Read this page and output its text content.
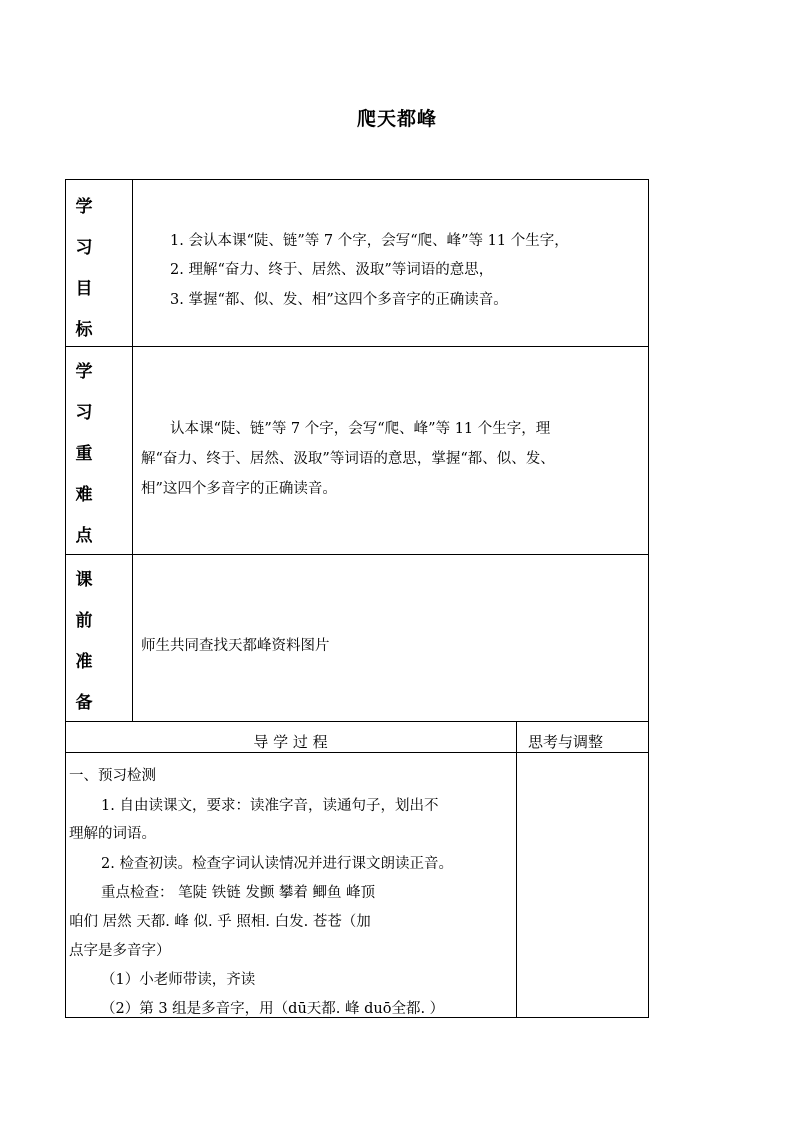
爬天都峰
学
习
目
标
1. 会认本课“陡、链”等 7 个字，会写“爬、峰”等 11 个生字，
2. 理解“奋力、终于、居然、汲取”等词语的意思，
3. 掌握“都、似、发、相”这四个多音字的正确读音。
学
习
重
难
点
认本课“陡、链”等 7 个字，会写“爬、峰”等 11 个生字，理
解“奋力、终于、居然、汲取”等词语的意思，掌握“都、似、发、
相”这四个多音字的正确读音。
课
前
准
备
师生共同查找天都峰资料图片
导 学 过 程	思考与调整
一、预习检测
1. 自由读课文，要求：读准字音，读通句子，划出不
理解的词语。
2. 检查初读。检查字词认读情况并进行课文朗读正音。
重点检查： 笔陡 铁链 发颤 攀着 鲫鱼 峰顶
咱们 居然 天都. 峰 似. 乎 照相. 白发. 苍苍（加
点字是多音字）
（1）小老师带读，齐读
（2）第 3 组是多音字，用（dū天都. 峰 duō全都. ）
